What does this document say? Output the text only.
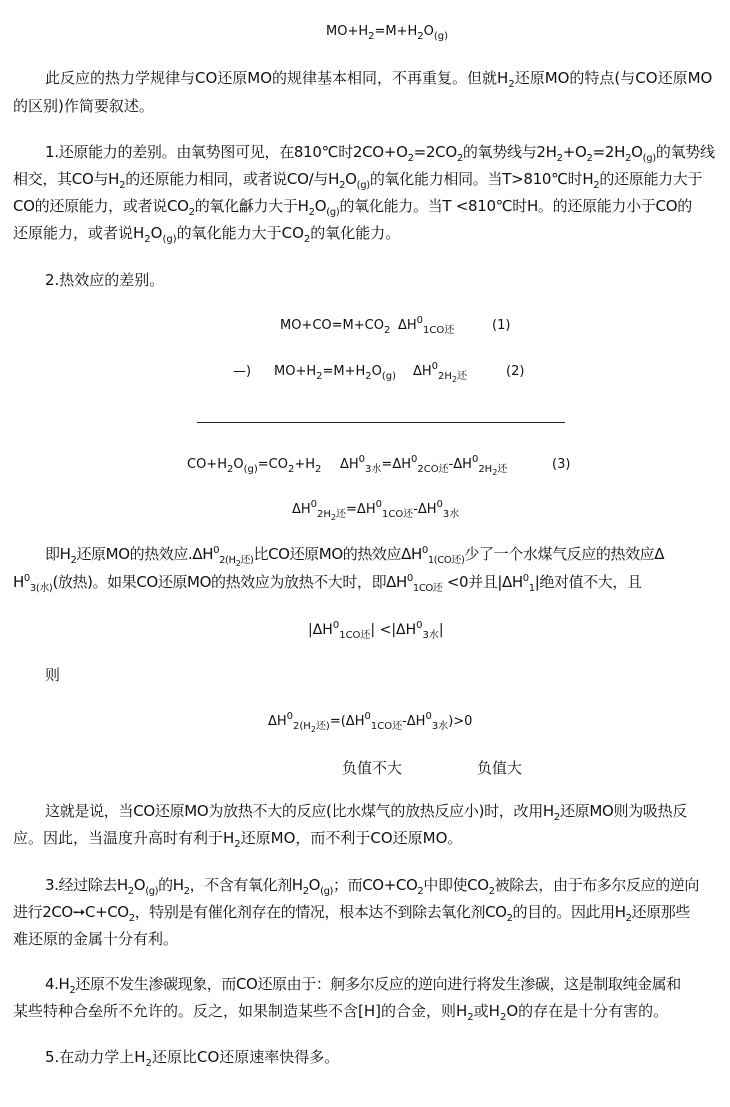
$MO+H_2=M+H_2O_{(g)}$
此反应的热力学规律与CO还原MO的规律基本相同，不再重复。但就$H_2$还原MO的特点(与CO还原MO
的区别)作简要叙述。
1.还原能力的差别。由氧势图可见，在810℃时$2CO+O_2=2CO_2$的氧势线与$2H_2+O_2=2H_2O_{(g)}$的氧势线
相交，其CO与$H_2$的还原能力相同，或者说CO/与$H_2O_{(g)}$的氧化能力相同。当T>810℃时$H_2$的还原能力大于
CO的还原能力，或者说$CO_2$的氧化龢力大于$H_2O_{(g)}$的氧化能力。当T <810℃时H。的还原能力小于CO的
还原能力，或者说$H_2O_{(g)}$的氧化能力大于$CO_2$的氧化能力。
2.热效应的差别。
$MO+CO=M+CO_2$ $\Delta H^0_{1CO还}$	(1)
—) $MO+H_2=M+H_2O_{(g)}$ $\Delta H^0_{2H_2还}$	(2)
$CO+H_2O_{(g)}=CO_2+H_2$ $\Delta H^0_{3水}=\Delta H^0_{2CO还}-\Delta H^0_{2H_2还}$	(3)
$\Delta H^0_{2H_2还}=\Delta H^0_{1CO还}-\Delta H^0_{3水}$
即$H_2$还原MO的热效应$.\Delta H^0_{2(H_2还)}$比CO还原MO的热效应$\Delta H^0_{1(CO还)}$少了一个水煤气反应的热效应Δ
$H^0_{3(水)}$(放热)。如果CO还原MO的热效应为放热不大时，即$\Delta H^0_{1CO还} <0$并且$|\Delta H^0_1|$绝对值不大，且
$|\Delta H^0_{1CO还}| <|\Delta H^0_{3水}|$
则
$\Delta H^0_{2(H_2还)}=(\Delta H^0_{1CO还}-\Delta H^0_{3水})>0$
负值不大	负值大
这就是说，当CO还原MO为放热不大的反应(比水煤气的放热反应小)时，改用$H_2$还原MO则为吸热反
应。因此，当温度升高时有利于$H_2$还原MO，而不利于CO还原MO。
3.经过除去$H_2O_{(g)}$的$H_2$，不含有氧化剂$H_2O_{(g)}$；而$CO+CO_2$中即使$CO_2$被除去，由于布多尔反应的逆向
进行$2CO➙C+CO_2$，特别是有催化剂存在的情况，根本达不到除去氧化剂$CO_2$的目的。因此用$H_2$还原那些
难还原的金属十分有利。
$4.H_2$还原不发生渗碳现象，而CO还原由于：舸多尔反应的逆向进行将发生渗碳，这是制取纯金属和
某些特种合垒所不允许的。反之，如果制造某些不含[H]的合金，则$H_2$或$H_2O$的存在是十分有害的。
5.在动力学上$H_2$还原比CO还原速率快得多。
